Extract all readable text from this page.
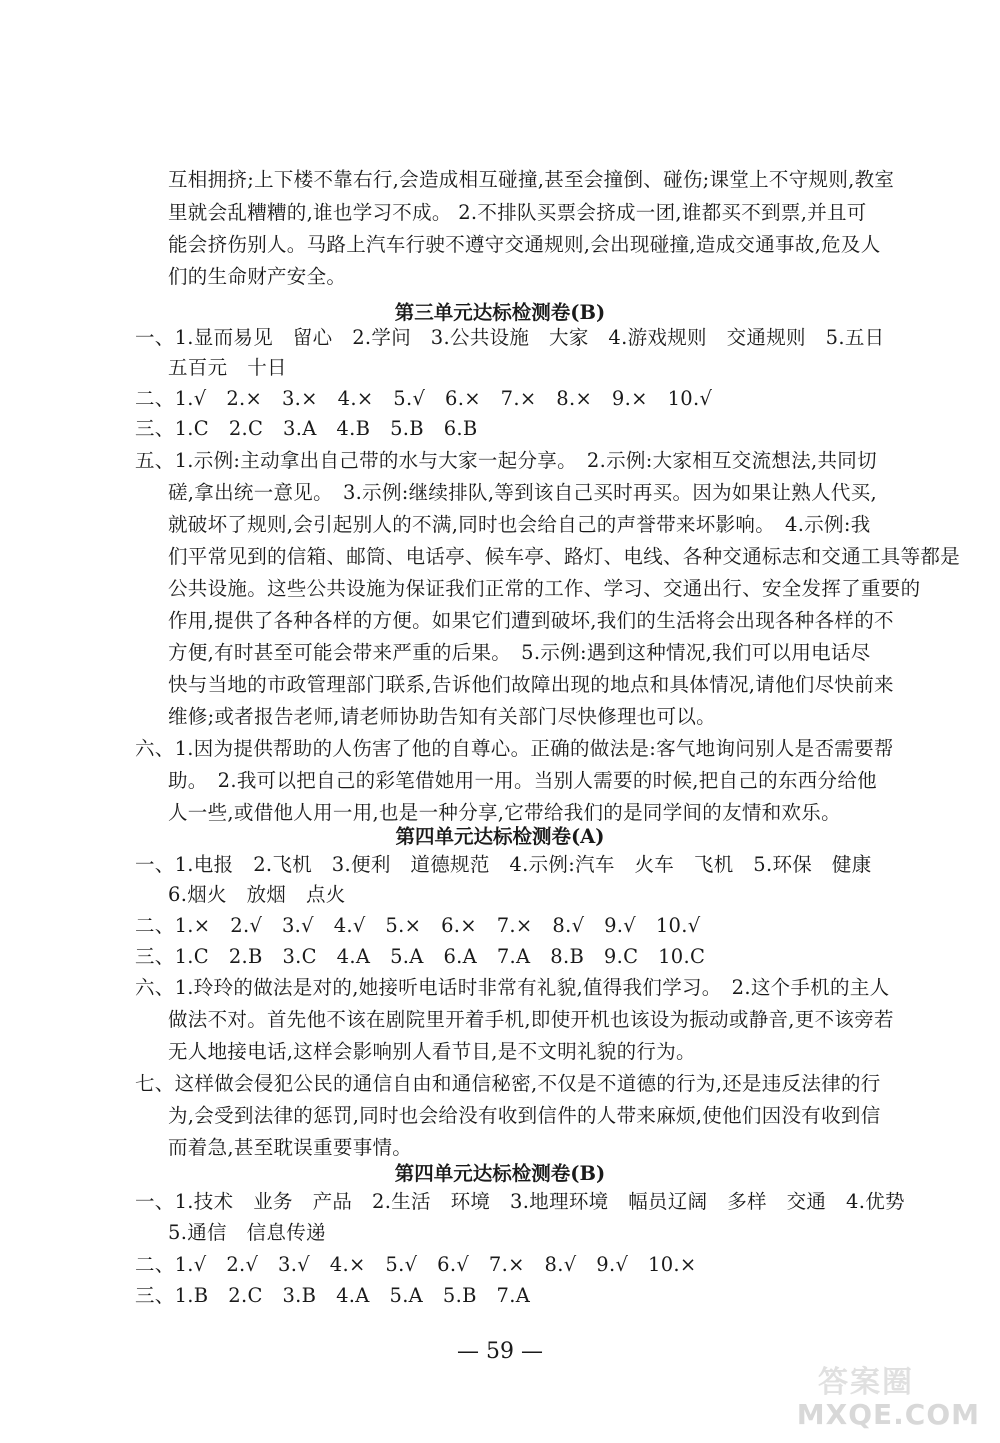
互相拥挤;上下楼不靠右行,会造成相互碰撞,甚至会撞倒、碰伤;课堂上不守规则,教室
里就会乱糟糟的,谁也学习不成。 2.不排队买票会挤成一团,谁都买不到票,并且可
能会挤伤别人。马路上汽车行驶不遵守交通规则,会出现碰撞,造成交通事故,危及人
们的生命财产安全。
第三单元达标检测卷(B)
一、1.显而易见　留心　2.学问　3.公共设施　大家　4.游戏规则　交通规则　5.五日
五百元　十日
二、1.√　2.×　3.×　4.×　5.√　6.×　7.×　8.×　9.×　10.√
三、1.C　2.C　3.A　4.B　5.B　6.B
五、1.示例:主动拿出自己带的水与大家一起分享。　2.示例:大家相互交流想法,共同切
磋,拿出统一意见。　3.示例:继续排队,等到该自己买时再买。因为如果让熟人代买,
就破坏了规则,会引起别人的不满,同时也会给自己的声誉带来坏影响。　4.示例:我
们平常见到的信箱、邮筒、电话亭、候车亭、路灯、电线、各种交通标志和交通工具等都是
公共设施。这些公共设施为保证我们正常的工作、学习、交通出行、安全发挥了重要的
作用,提供了各种各样的方便。如果它们遭到破坏,我们的生活将会出现各种各样的不
方便,有时甚至可能会带来严重的后果。　5.示例:遇到这种情况,我们可以用电话尽
快与当地的市政管理部门联系,告诉他们故障出现的地点和具体情况,请他们尽快前来
维修;或者报告老师,请老师协助告知有关部门尽快修理也可以。
六、1.因为提供帮助的人伤害了他的自尊心。正确的做法是:客气地询问别人是否需要帮
助。　2.我可以把自己的彩笔借她用一用。当别人需要的时候,把自己的东西分给他
人一些,或借他人用一用,也是一种分享,它带给我们的是同学间的友情和欢乐。
第四单元达标检测卷(A)
一、1.电报　2.飞机　3.便利　道德规范　4.示例:汽车　火车　飞机　5.环保　健康
6.烟火　放烟　点火
二、1.×　2.√　3.√　4.√　5.×　6.×　7.×　8.√　9.√　10.√
三、1.C　2.B　3.C　4.A　5.A　6.A　7.A　8.B　9.C　10.C
六、1.玲玲的做法是对的,她接听电话时非常有礼貌,值得我们学习。　2.这个手机的主人
做法不对。首先他不该在剧院里开着手机,即使开机也该设为振动或静音,更不该旁若
无人地接电话,这样会影响别人看节目,是不文明礼貌的行为。
七、这样做会侵犯公民的通信自由和通信秘密,不仅是不道德的行为,还是违反法律的行
为,会受到法律的惩罚,同时也会给没有收到信件的人带来麻烦,使他们因没有收到信
而着急,甚至耽误重要事情。
第四单元达标检测卷(B)
一、1.技术　业务　产品　2.生活　环境　3.地理环境　幅员辽阔　多样　交通　4.优势
5.通信　信息传递
二、1.√　2.√　3.√　4.×　5.√　6.√　7.×　8.√　9.√　10.×
三、1.B　2.C　3.B　4.A　5.A　5.B　7.A
— 59 —
答案圈
MXQE.COM
